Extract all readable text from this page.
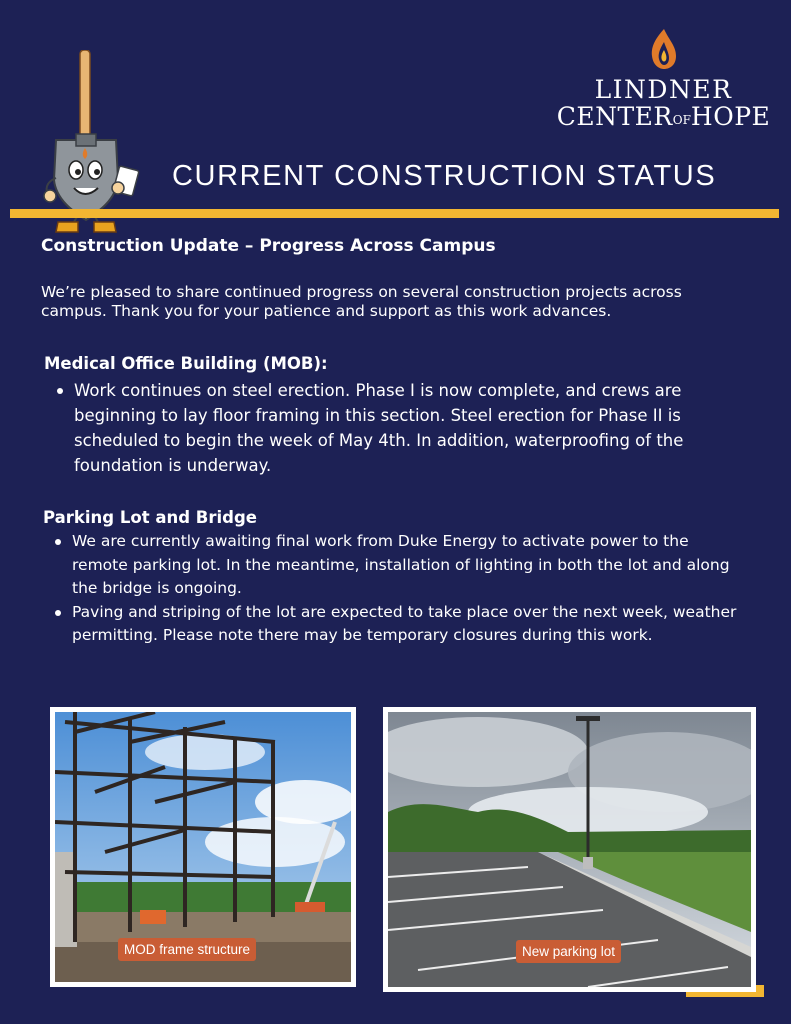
LINDNER
CENTEROFHOPE
CURRENT CONSTRUCTION STATUS
Construction Update – Progress Across Campus
We’re pleased to share continued progress on several construction projects across campus. Thank you for your patience and support as this work advances.
Medical Office Building (MOB):
Work continues on steel erection. Phase I is now complete, and crews are beginning to lay floor framing in this section. Steel erection for Phase II is scheduled to begin the week of May 4th. In addition, waterproofing of the foundation is underway.
Parking Lot and Bridge
We are currently awaiting final work from Duke Energy to activate power to the remote parking lot. In the meantime, installation of lighting in both the lot and along the bridge is ongoing.
Paving and striping of the lot are expected to take place over the next week, weather permitting. Please note there may be temporary closures during this work.
MOD frame structure	New parking lot
